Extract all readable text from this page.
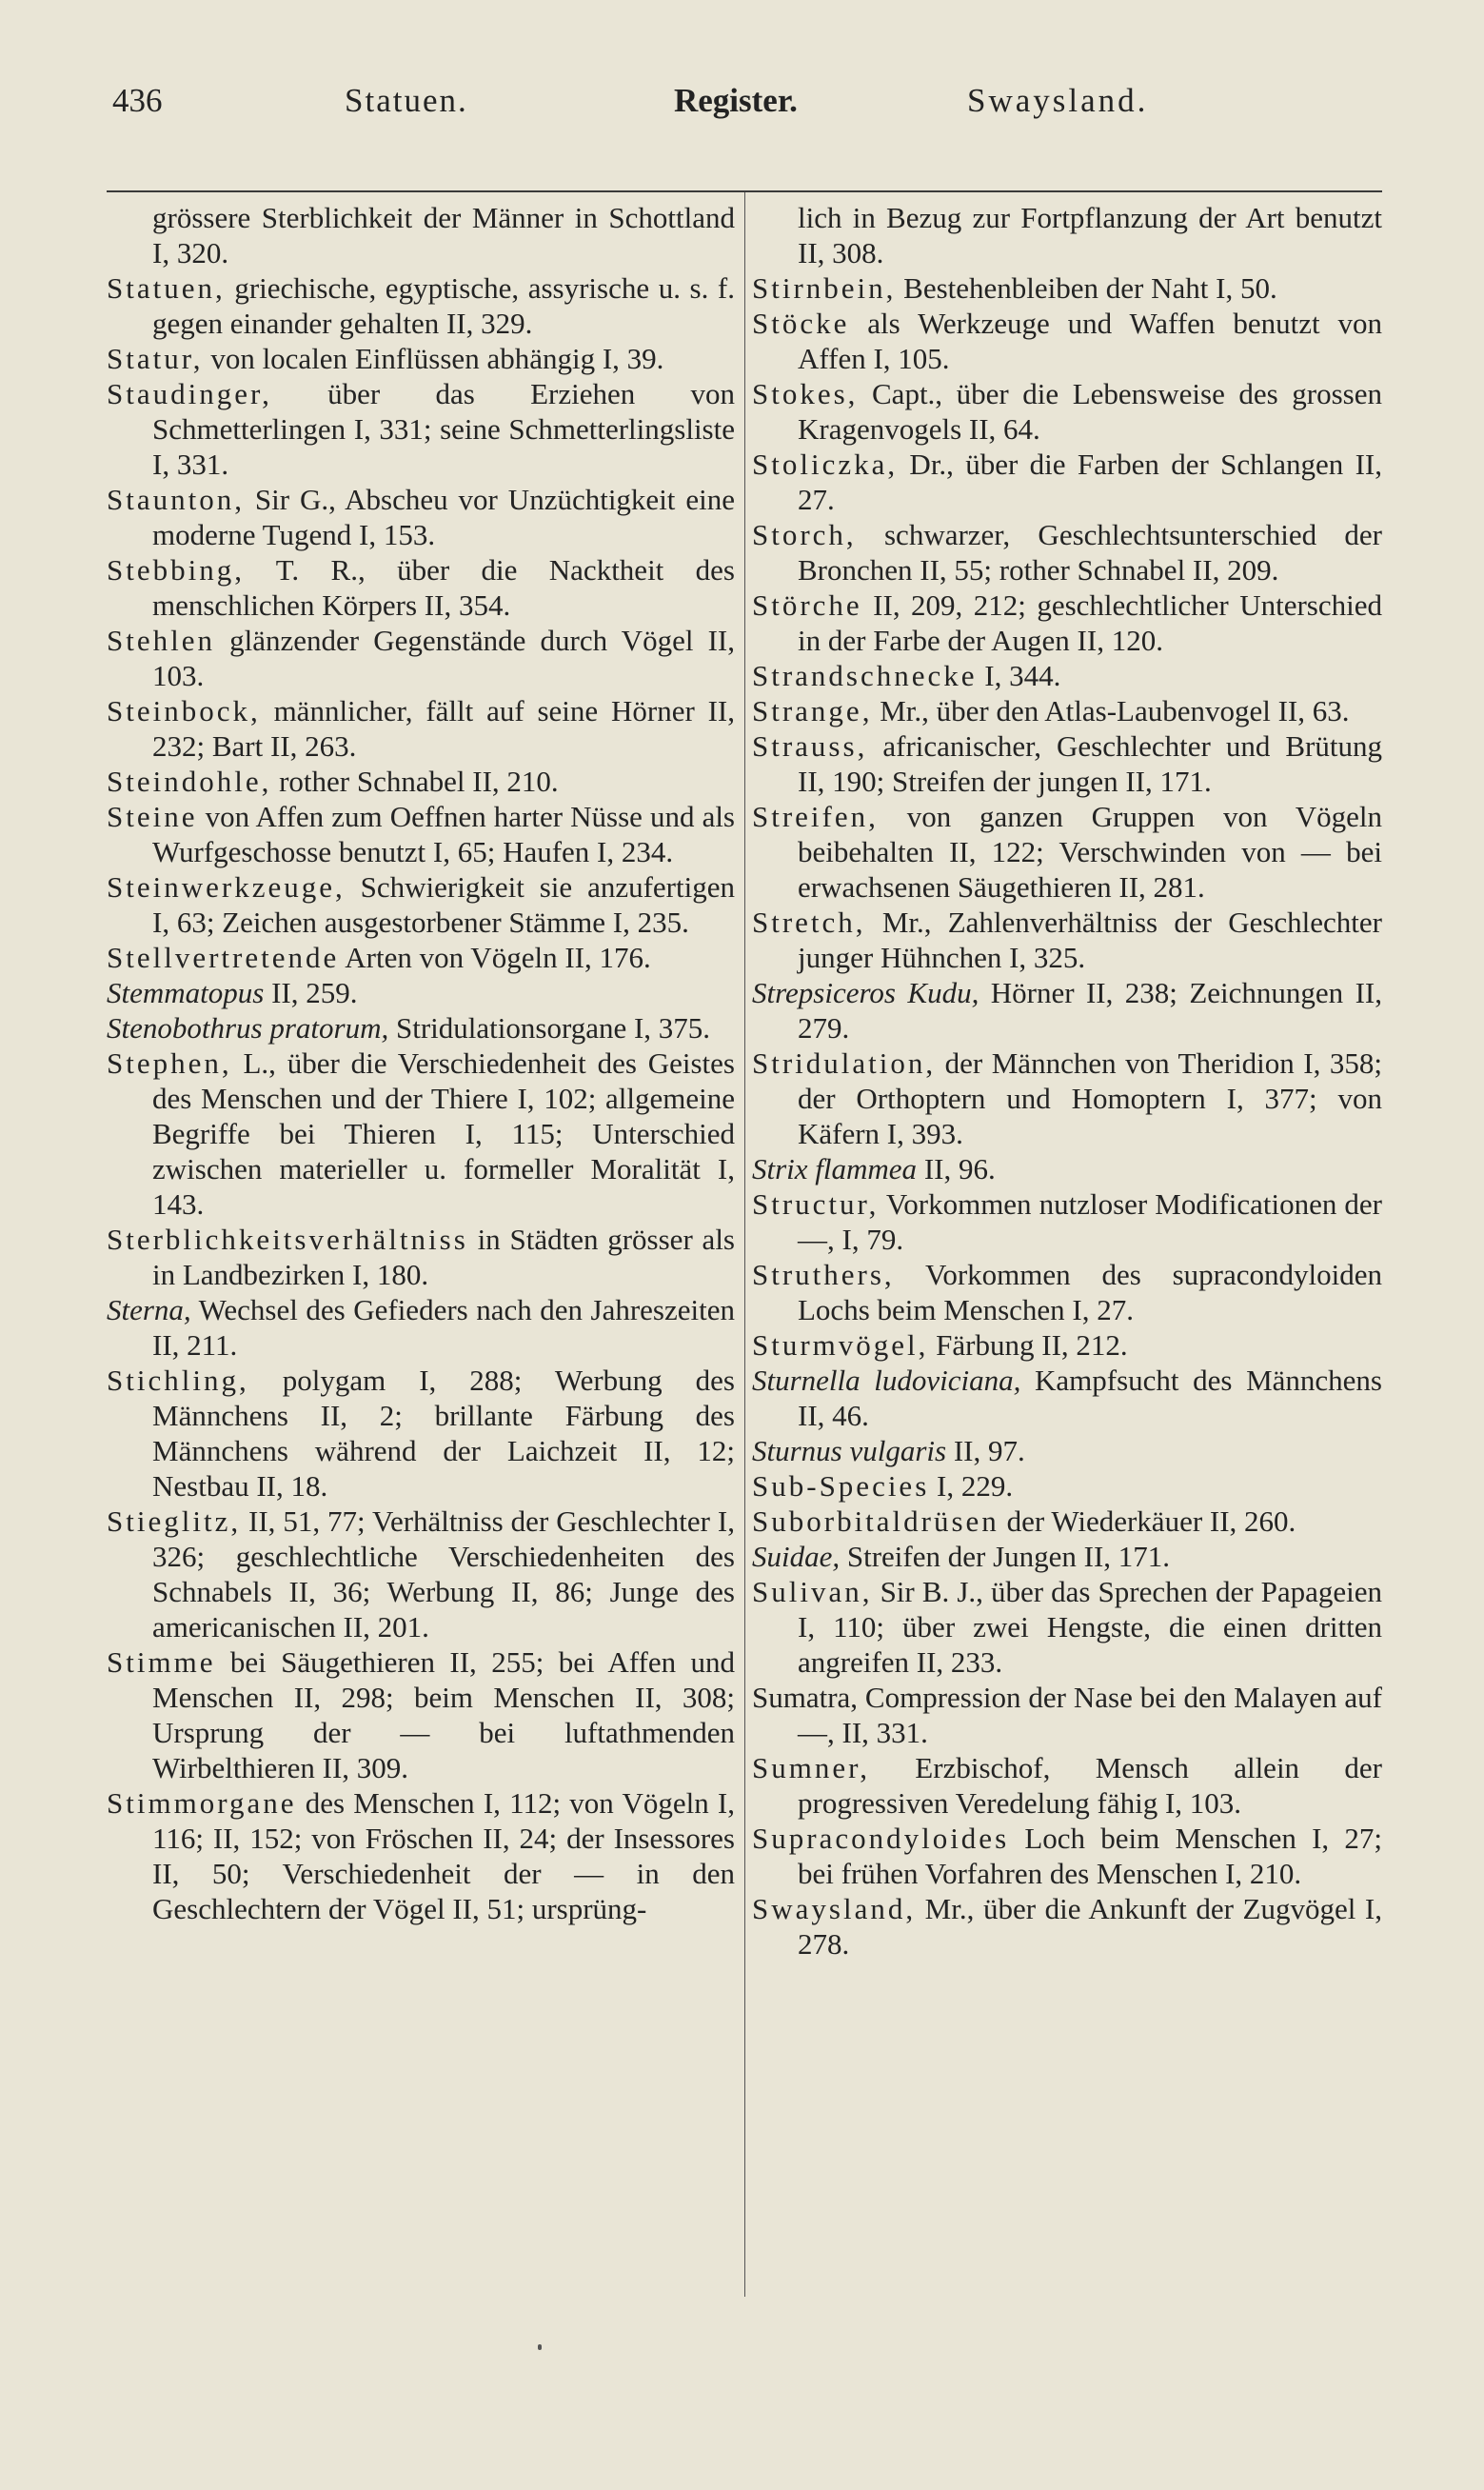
436	Statuen.	Register.	Swaysland.
grössere Sterblichkeit der Männer in Schottland I, 320.
Statuen, griechische, egyptische, assyrische u. s. f. gegen einander gehalten II, 329.
Statur, von localen Einflüssen abhängig I, 39.
Staudinger, über das Erziehen von Schmetterlingen I, 331; seine Schmetterlingsliste I, 331.
Staunton, Sir G., Abscheu vor Unzüchtigkeit eine moderne Tugend I, 153.
Stebbing, T. R., über die Nacktheit des menschlichen Körpers II, 354.
Stehlen glänzender Gegenstände durch Vögel II, 103.
Steinbock, männlicher, fällt auf seine Hörner II, 232; Bart II, 263.
Steindohle, rother Schnabel II, 210.
Steine von Affen zum Oeffnen harter Nüsse und als Wurfgeschosse benutzt I, 65; Haufen I, 234.
Steinwerkzeuge, Schwierigkeit sie anzufertigen I, 63; Zeichen ausgestorbener Stämme I, 235.
Stellvertretende Arten von Vögeln II, 176.
Stemmatopus II, 259.
Stenobothrus pratorum, Stridulationsorgane I, 375.
Stephen, L., über die Verschiedenheit des Geistes des Menschen und der Thiere I, 102; allgemeine Begriffe bei Thieren I, 115; Unterschied zwischen materieller u. formeller Moralität I, 143.
Sterblichkeitsverhältniss in Städten grösser als in Landbezirken I, 180.
Sterna, Wechsel des Gefieders nach den Jahreszeiten II, 211.
Stichling, polygam I, 288; Werbung des Männchens II, 2; brillante Färbung des Männchens während der Laichzeit II, 12; Nestbau II, 18.
Stieglitz, II, 51, 77; Verhältniss der Geschlechter I, 326; geschlechtliche Verschiedenheiten des Schnabels II, 36; Werbung II, 86; Junge des americanischen II, 201.
Stimme bei Säugethieren II, 255; bei Affen und Menschen II, 298; beim Menschen II, 308; Ursprung der — bei luftathmenden Wirbelthieren II, 309.
Stimmorgane des Menschen I, 112; von Vögeln I, 116; II, 152; von Fröschen II, 24; der Insessores II, 50; Verschiedenheit der — in den Geschlechtern der Vögel II, 51; ursprüng-
lich in Bezug zur Fortpflanzung der Art benutzt II, 308.
Stirnbein, Bestehenbleiben der Naht I, 50.
Stöcke als Werkzeuge und Waffen benutzt von Affen I, 105.
Stokes, Capt., über die Lebensweise des grossen Kragenvogels II, 64.
Stoliczka, Dr., über die Farben der Schlangen II, 27.
Storch, schwarzer, Geschlechtsunterschied der Bronchen II, 55; rother Schnabel II, 209.
Störche II, 209, 212; geschlechtlicher Unterschied in der Farbe der Augen II, 120.
Strandschnecke I, 344.
Strange, Mr., über den Atlas-Laubenvogel II, 63.
Strauss, africanischer, Geschlechter und Brütung II, 190; Streifen der jungen II, 171.
Streifen, von ganzen Gruppen von Vögeln beibehalten II, 122; Verschwinden von — bei erwachsenen Säugethieren II, 281.
Stretch, Mr., Zahlenverhältniss der Geschlechter junger Hühnchen I, 325.
Strepsiceros Kudu, Hörner II, 238; Zeichnungen II, 279.
Stridulation, der Männchen von Theridion I, 358; der Orthoptern und Homoptern I, 377; von Käfern I, 393.
Strix flammea II, 96.
Structur, Vorkommen nutzloser Modificationen der —, I, 79.
Struthers, Vorkommen des supracondyloiden Lochs beim Menschen I, 27.
Sturmvögel, Färbung II, 212.
Sturnella ludoviciana, Kampfsucht des Männchens II, 46.
Sturnus vulgaris II, 97.
Sub-Species I, 229.
Suborbitaldrüsen der Wiederkäuer II, 260.
Suidae, Streifen der Jungen II, 171.
Sulivan, Sir B. J., über das Sprechen der Papageien I, 110; über zwei Hengste, die einen dritten angreifen II, 233.
Sumatra, Compression der Nase bei den Malayen auf —, II, 331.
Sumner, Erzbischof, Mensch allein der progressiven Veredelung fähig I, 103.
Supracondyloides Loch beim Menschen I, 27; bei frühen Vorfahren des Menschen I, 210.
Swaysland, Mr., über die Ankunft der Zugvögel I, 278.
